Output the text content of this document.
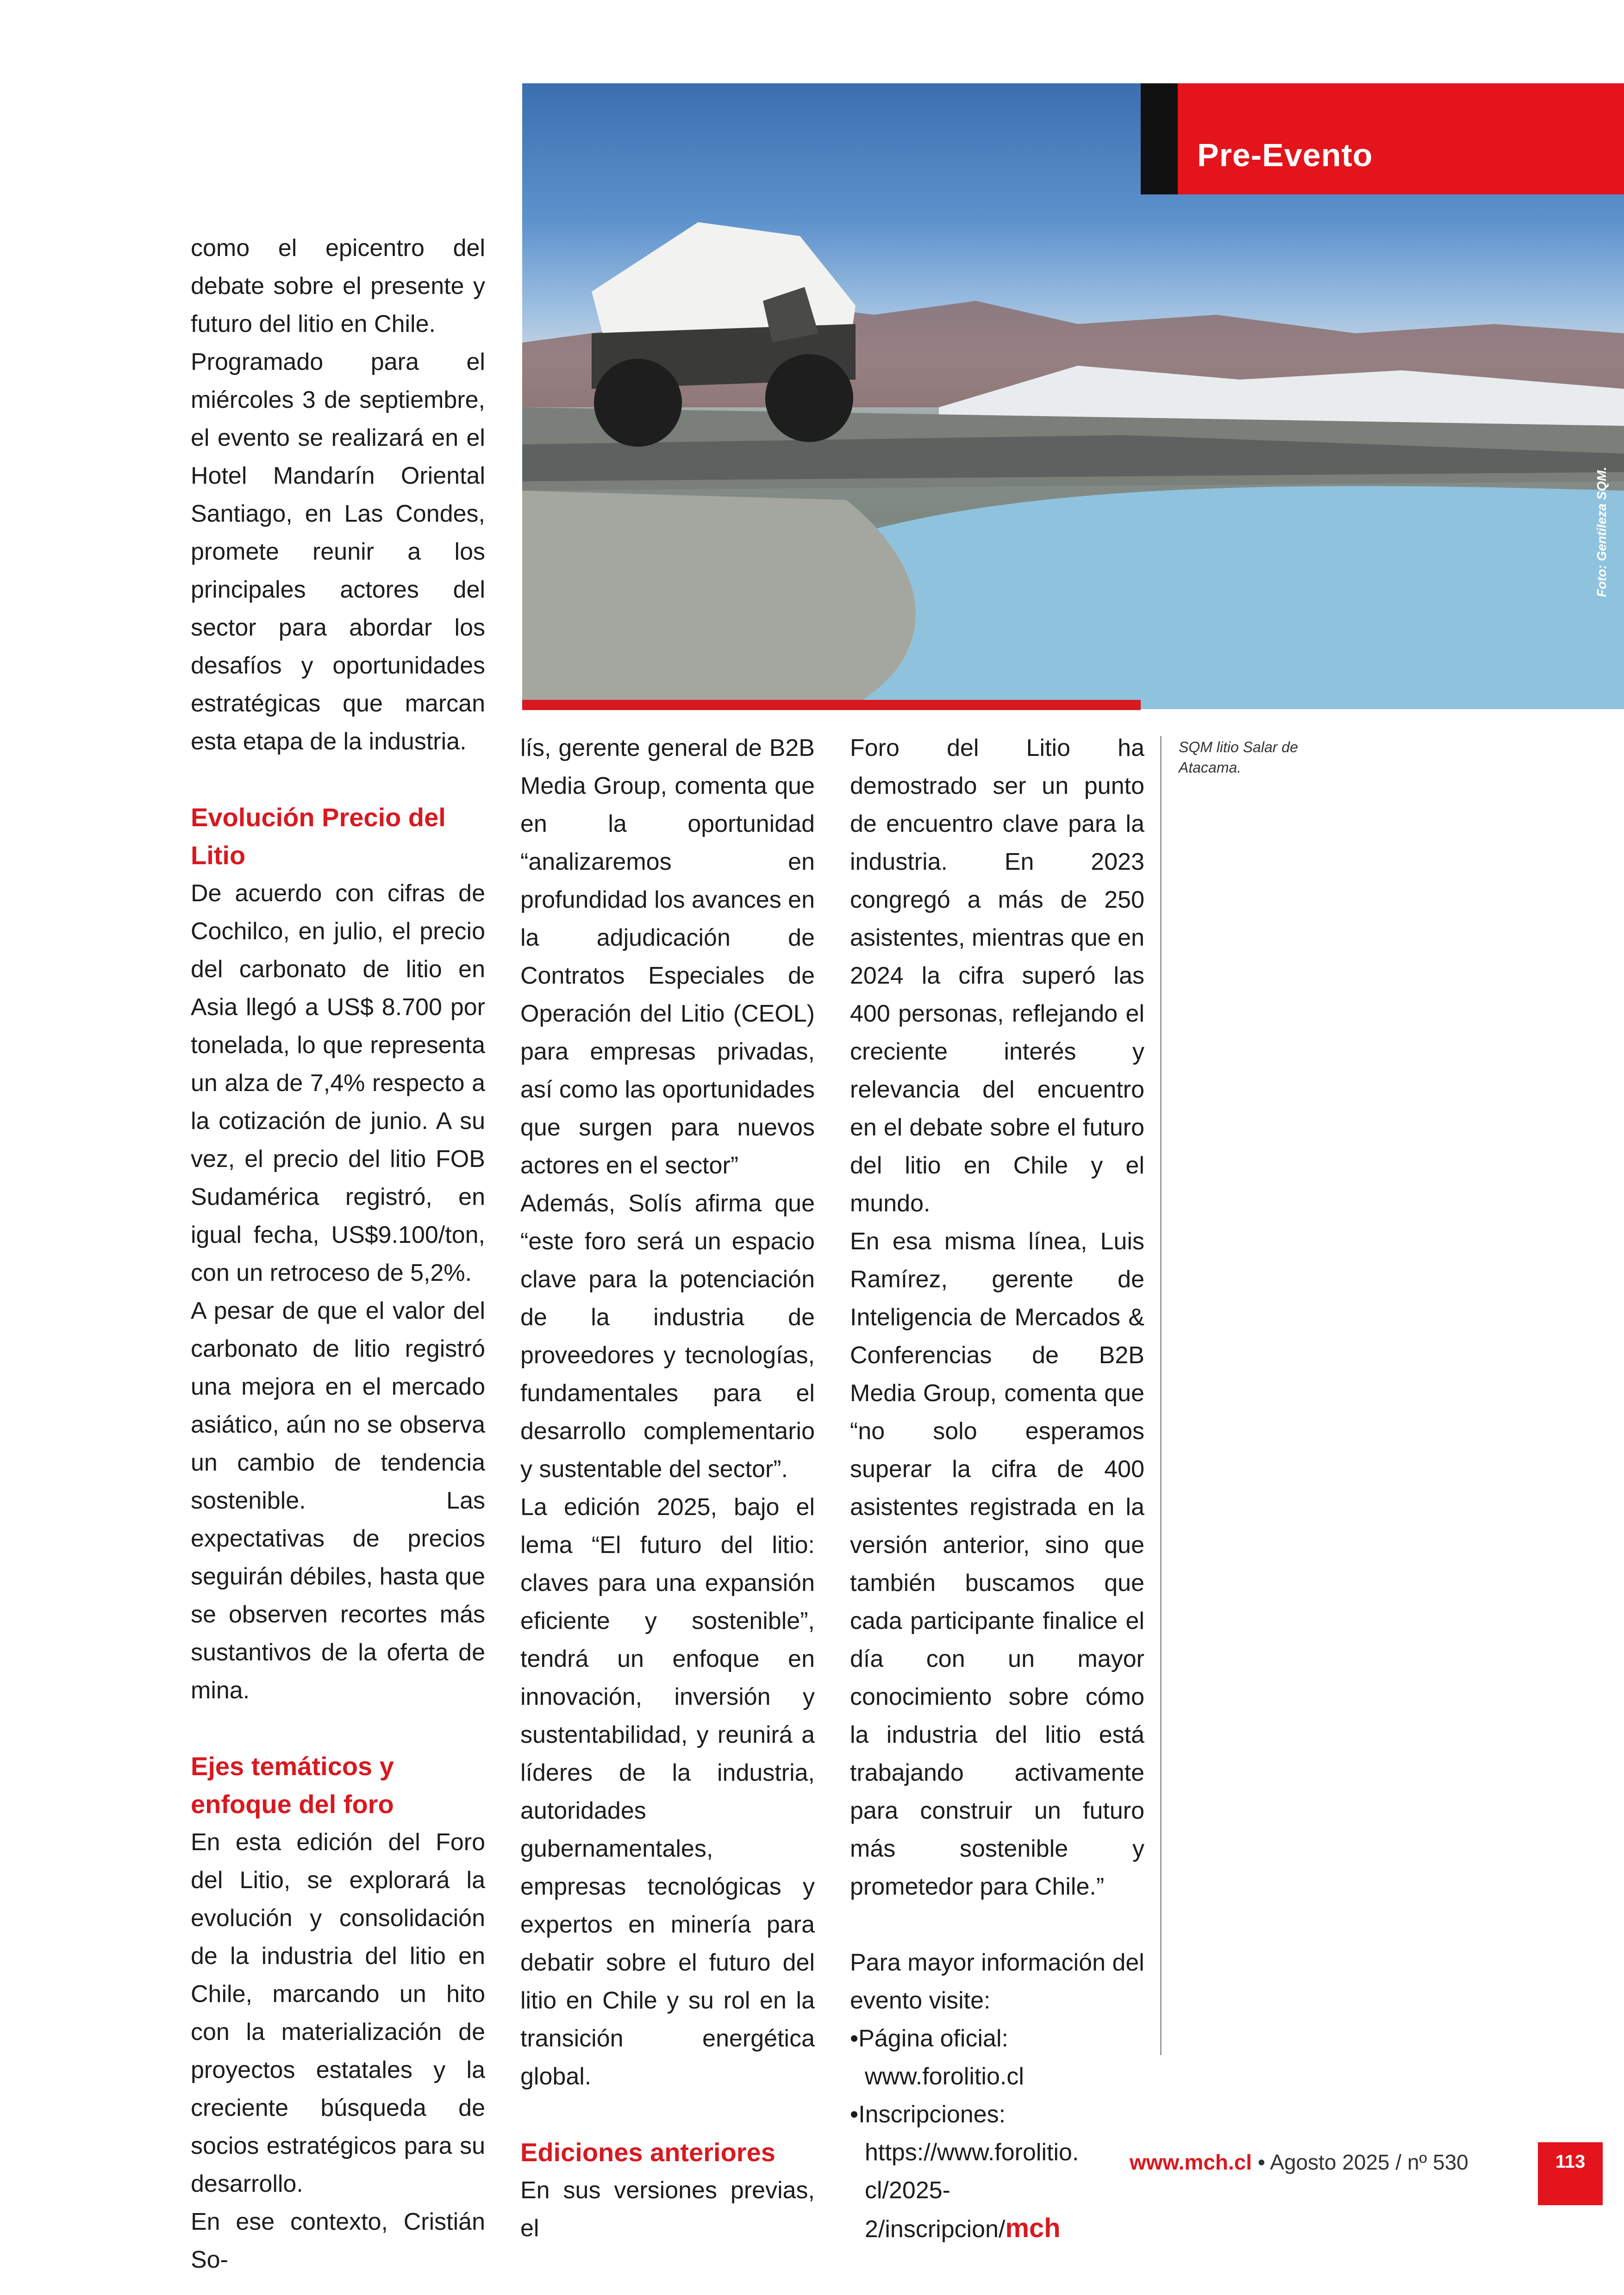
Pre-Evento
Foto: Gentileza SQM.

como el epicentro del debate sobre el presente y futuro del litio en Chile.

Programado para el miércoles 3 de septiembre, el evento se realizará en el Hotel Mandarín Oriental Santiago, en Las Condes, promete reunir a los principales actores del sector para abordar los desafíos y oportunidades estratégicas que marcan esta etapa de la industria.

Evolución Precio del Litio

De acuerdo con cifras de Cochilco, en julio, el precio del carbonato de litio en Asia llegó a US$ 8.700 por tonelada, lo que representa un alza de 7,4% respecto a la cotización de junio. A su vez, el precio del litio FOB Sudamérica registró, en igual fecha, US$9.100/ton, con un retroceso de 5,2%.

A pesar de que el valor del carbonato de litio registró una mejora en el mercado asiático, aún no se observa un cambio de tendencia sostenible. Las expectativas de precios seguirán débiles, hasta que se observen recortes más sustantivos de la oferta de mina.

Ejes temáticos y enfoque del foro

En esta edición del Foro del Litio, se explorará la evolución y consolidación de la industria del litio en Chile, marcando un hito con la materialización de proyectos estatales y la creciente búsqueda de socios estratégicos para su desarrollo.

En ese contexto, Cristián So-

lís, gerente general de B2B Media Group, comenta que en la oportunidad “analizaremos en profundidad los avances en la adjudicación de Contratos Especiales de Operación del Litio (CEOL) para empresas privadas, así como las oportunidades que surgen para nuevos actores en el sector”

Además, Solís afirma que “este foro será un espacio clave para la potenciación de la industria de proveedores y tecnologías, fundamentales para el desarrollo complementario y sustentable del sector”.

La edición 2025, bajo el lema “El futuro del litio: claves para una expansión eficiente y sostenible”, tendrá un enfoque en innovación, inversión y sustentabilidad, y reunirá a líderes de la industria, autoridades gubernamentales, empresas tecnológicas y expertos en minería para debatir sobre el futuro del litio en Chile y su rol en la transición energética global.

Ediciones anteriores

En sus versiones previas, el

Foro del Litio ha demostrado ser un punto de encuentro clave para la industria. En 2023 congregó a más de 250 asistentes, mientras que en 2024 la cifra superó las 400 personas, reflejando el creciente interés y relevancia del encuentro en el debate sobre el futuro del litio en Chile y el mundo.

En esa misma línea, Luis Ramírez, gerente de Inteligencia de Mercados & Conferencias de B2B Media Group, comenta que “no solo esperamos superar la cifra de 400 asistentes registrada en la versión anterior, sino que también buscamos que cada participante finalice el día con un mayor conocimiento sobre cómo la industria del litio está trabajando activamente para construir un futuro más sostenible y prometedor para Chile.”

Para mayor información del evento visite:

•Página oficial:

www.forolitio.cl

•Inscripciones:

https://www.forolitio.

cl/2025-2/inscripcion/mch

SQM litio Salar de Atacama.
www.mch.cl • Agosto 2025 / nº 530	113
